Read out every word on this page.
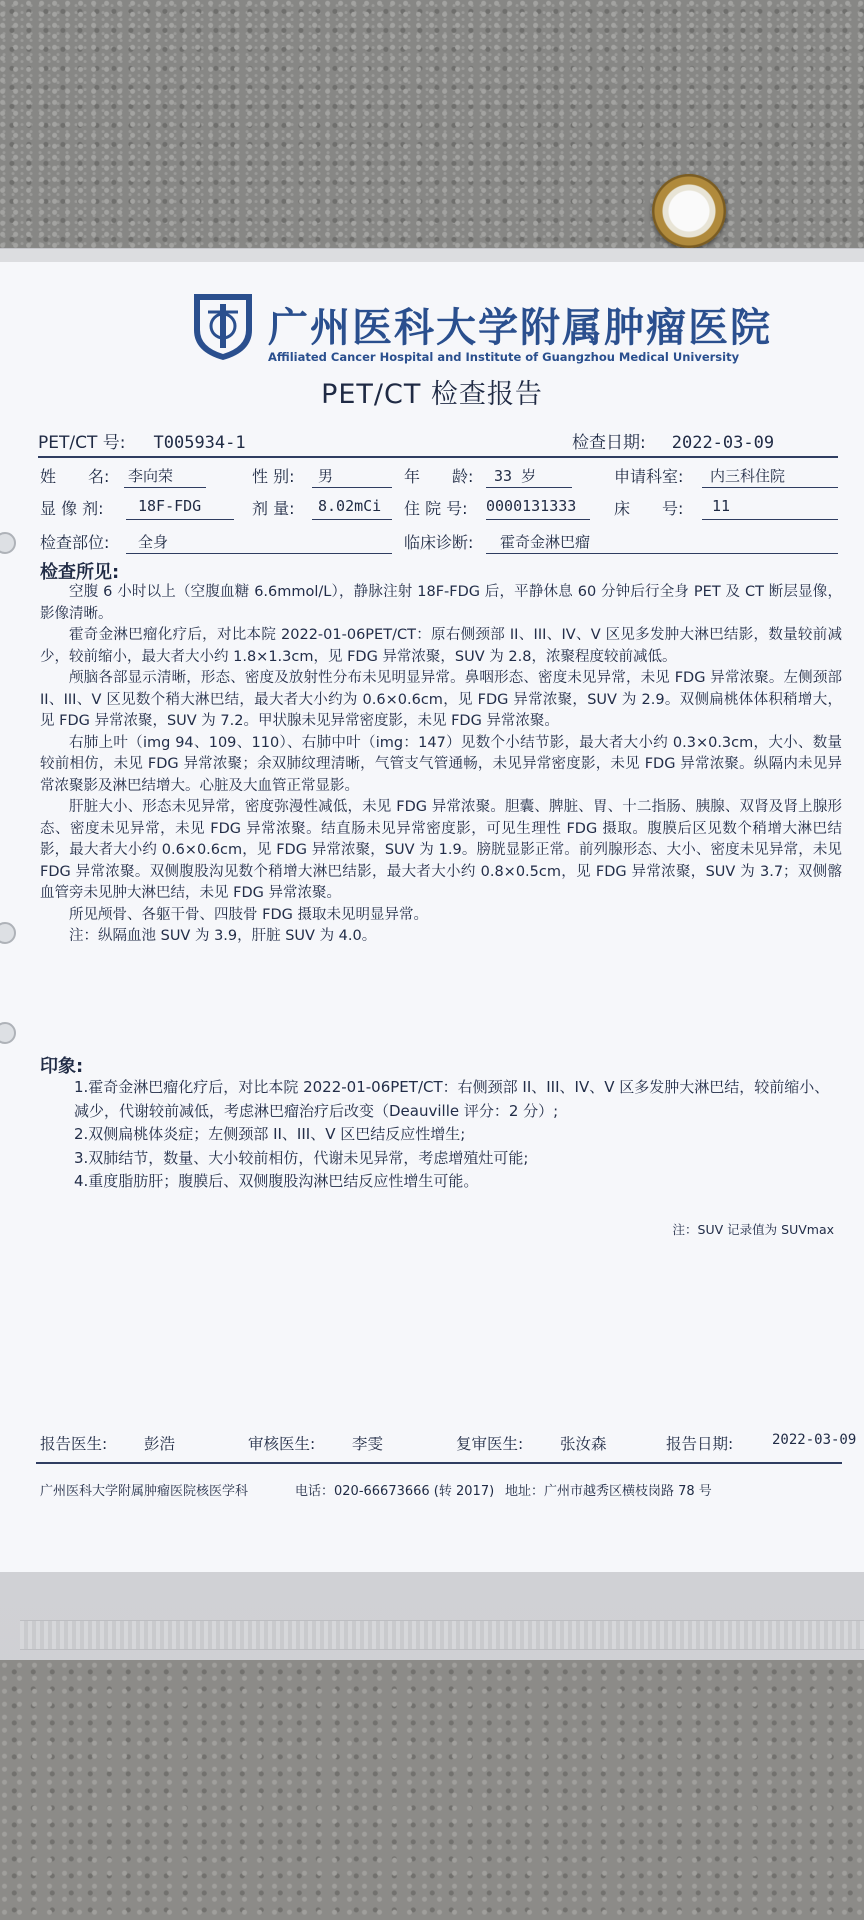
广州医科大学附属肿瘤医院
Affiliated Cancer Hospital and Institute of Guangzhou Medical University
PET/CT 检查报告
PET/CT 号: T005934-1	检查日期: 2022-03-09
姓　　名: 李向荣	性 别: 男	年　　龄: 33 岁	申请科室: 内三科住院
显 像 剂: 18F-FDG	剂 量: 8.02mCi 住 院 号: 0000131333 床　　号: 11
检查部位: 全身	临床诊断: 霍奇金淋巴瘤
检查所见:

空腹 6 小时以上（空腹血糖 6.6mmol/L），静脉注射 18F-FDG 后，平静休息 60 分钟后行全身 PET 及 CT 断层显像，影像清晰。

霍奇金淋巴瘤化疗后，对比本院 2022-01-06PET/CT：原右侧颈部 II、III、IV、V 区见多发肿大淋巴结影，数量较前减少，较前缩小，最大者大小约 1.8×1.3cm，见 FDG 异常浓聚，SUV 为 2.8，浓聚程度较前减低。

颅脑各部显示清晰，形态、密度及放射性分布未见明显异常。鼻咽形态、密度未见异常，未见 FDG 异常浓聚。左侧颈部 II、III、V 区见数个稍大淋巴结，最大者大小约为 0.6×0.6cm，见 FDG 异常浓聚，SUV 为 2.9。双侧扁桃体体积稍增大，见 FDG 异常浓聚，SUV 为 7.2。甲状腺未见异常密度影，未见 FDG 异常浓聚。

右肺上叶（img 94、109、110）、右肺中叶（img：147）见数个小结节影，最大者大小约 0.3×0.3cm，大小、数量较前相仿，未见 FDG 异常浓聚；余双肺纹理清晰，气管支气管通畅，未见异常密度影，未见 FDG 异常浓聚。纵隔内未见异常浓聚影及淋巴结增大。心脏及大血管正常显影。

肝脏大小、形态未见异常，密度弥漫性减低，未见 FDG 异常浓聚。胆囊、脾脏、胃、十二指肠、胰腺、双肾及肾上腺形态、密度未见异常，未见 FDG 异常浓聚。结直肠未见异常密度影，可见生理性 FDG 摄取。腹膜后区见数个稍增大淋巴结影，最大者大小约 0.6×0.6cm，见 FDG 异常浓聚，SUV 为 1.9。膀胱显影正常。前列腺形态、大小、密度未见异常，未见 FDG 异常浓聚。双侧腹股沟见数个稍增大淋巴结影，最大者大小约 0.8×0.5cm，见 FDG 异常浓聚，SUV 为 3.7；双侧髂血管旁未见肿大淋巴结，未见 FDG 异常浓聚。

所见颅骨、各躯干骨、四肢骨 FDG 摄取未见明显异常。

注：纵隔血池 SUV 为 3.9，肝脏 SUV 为 4.0。

印象:

1.霍奇金淋巴瘤化疗后，对比本院 2022-01-06PET/CT：右侧颈部 II、III、IV、V 区多发肿大淋巴结，较前缩小、减少，代谢较前减低，考虑淋巴瘤治疗后改变（Deauville 评分：2 分）;

2.双侧扁桃体炎症；左侧颈部 II、III、V 区巴结反应性增生;

3.双肺结节，数量、大小较前相仿，代谢未见异常，考虑增殖灶可能;

4.重度脂肪肝；腹膜后、双侧腹股沟淋巴结反应性增生可能。

注：SUV 记录值为 SUVmax
报告医生: 彭浩	审核医生: 李雯	复审医生: 张汝森	报告日期:	2022-03-09
广州医科大学附属肿瘤医院核医学科	电话：020-66673666 (转 2017) 地址：广州市越秀区横枝岗路 78 号
